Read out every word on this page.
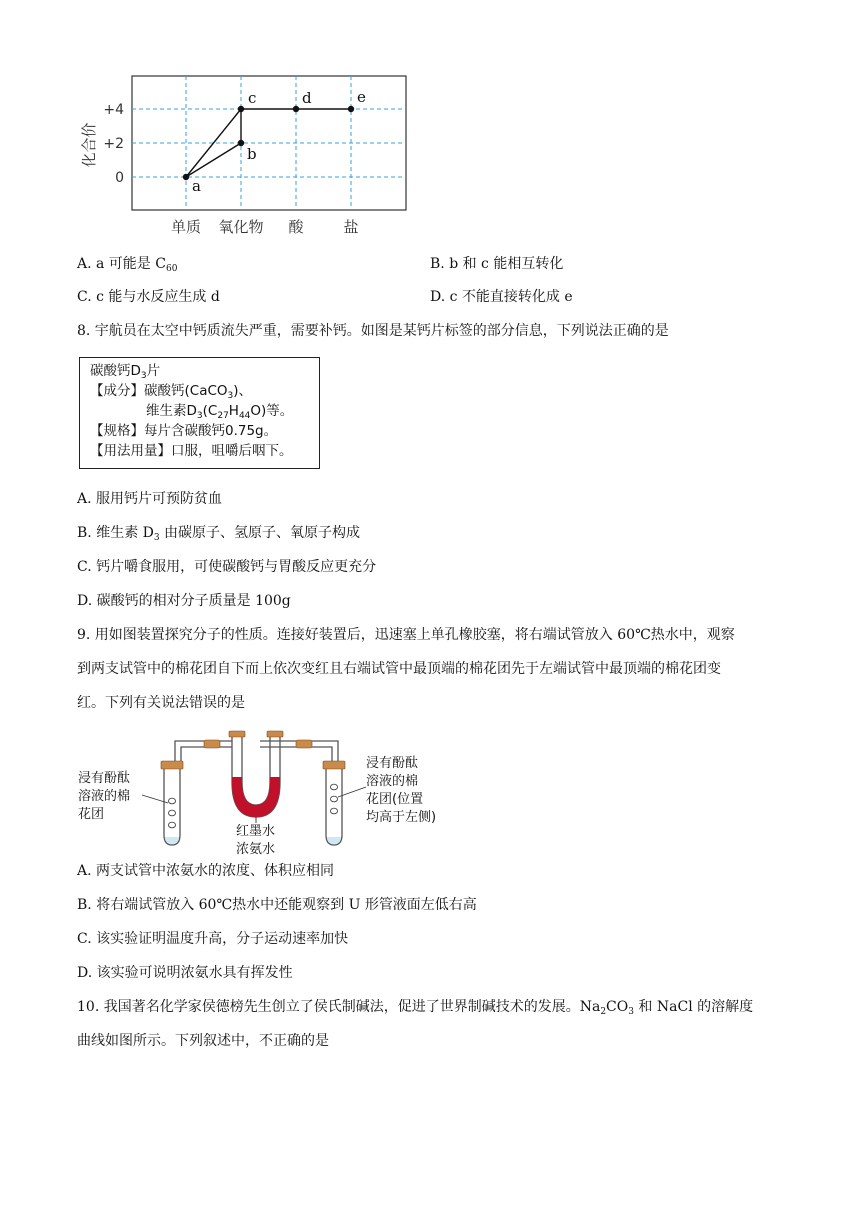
化合价
+4
+2
0
单质 氧化物 酸	盐
a
b
c	d	e
A. a 可能是 $C_{60}$	B. b 和 c 能相互转化
C. c 能与水反应生成 d	D. c 不能直接转化成 e
8. 宇航员在太空中钙质流失严重，需要补钙。如图是某钙片标签的部分信息，下列说法正确的是
碳酸钙$D_3$片
【成分】碳酸钙(CaCO$_3$)、
维生素$D_3(C_{27}H_{44}O)$等。
【规格】每片含碳酸钙0.75g。
【用法用量】口服，咀嚼后咽下。
A. 服用钙片可预防贫血
B. 维生素 $D_3$ 由碳原子、氢原子、氧原子构成
C. 钙片嚼食服用，可使碳酸钙与胃酸反应更充分
D. 碳酸钙的相对分子质量是 100g
9. 用如图装置探究分子的性质。连接好装置后，迅速塞上单孔橡胶塞，将右端试管放入 60℃热水中，观察
到两支试管中的棉花团自下而上依次变红且右端试管中最顶端的棉花团先于左端试管中最顶端的棉花团变
红。下列有关说法错误的是
浸有酚酞
溶液的棉
花团
浸有酚酞
溶液的棉
花团(位置
均高于左侧)
红墨水
浓氨水
A. 两支试管中浓氨水的浓度、体积应相同
B. 将右端试管放入 60℃热水中还能观察到 U 形管液面左低右高
C. 该实验证明温度升高，分子运动速率加快
D. 该实验可说明浓氨水具有挥发性
10. 我国著名化学家侯德榜先生创立了侯氏制碱法，促进了世界制碱技术的发展。$Na_2CO_3$ 和 NaCl 的溶解度
曲线如图所示。下列叙述中，不正确的是
